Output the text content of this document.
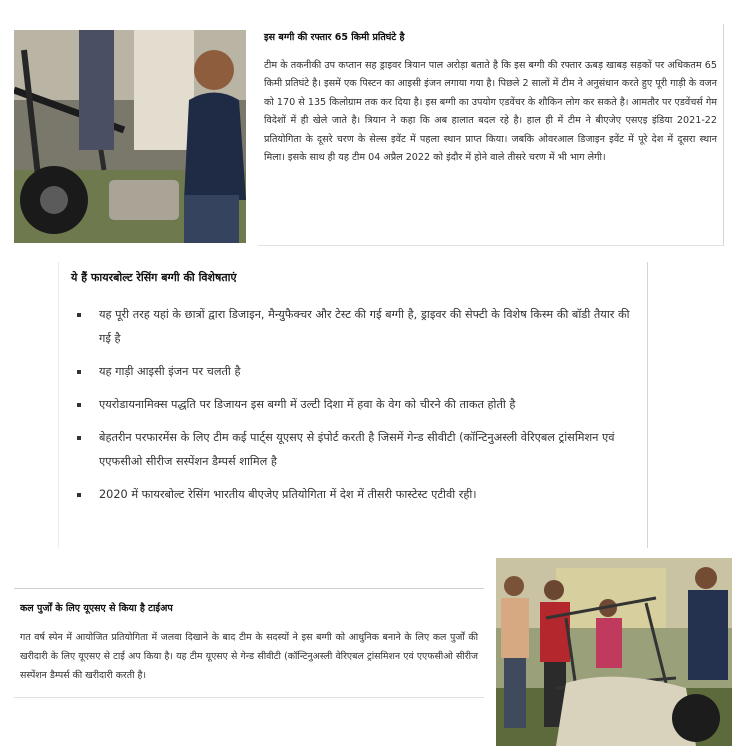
इस बग्गी की रफ्तार 65 किमी प्रतिघंटे है

टीम के तकनीकी उप कप्तान सह ड्राइवर त्रियान पाल अरोड़ा बताते है कि इस बग्गी की रफ्तार ऊबड़ खाबड़ सड़कों पर अधिकतम 65 किमी प्रतिघंटे है। इसमें एक पिस्टन का आइसी इंजन लगाया गया है। पिछले 2 सालों में टीम ने अनुसंधान करते हुए पूरी गाड़ी के वजन को 170 से 135 किलोग्राम तक कर दिया है। इस बग्गी का उपयोग एडवेंचर के शौकिन लोग कर सकते है। आमतौर पर एडवेंचर्स गेम विदेशों में ही खेले जाते है। त्रियान ने कहा कि अब हालात बदल रहे है। हाल ही में टीम ने बीएजेए एसएइ इंडिया 2021-22 प्रतियोगिता के दूसरे चरण के सेल्स इवेंट में पहला स्थान प्राप्त किया। जबकि ओवरआल डिजाइन इवेंट में पूरे देश में दूसरा स्थान मिला। इसके साथ ही यह टीम 04 अप्रैल 2022 को इंदौर में होने वाले तीसरे चरण में भी भाग लेगी।

ये हैं फायरबोल्ट रेसिंग बग्गी की विशेषताएं
यह पूरी तरह यहां के छात्रों द्वारा डिजाइन, मैन्युफैक्चर और टेस्ट की गई बग्गी है, ड्राइवर की सेफ्टी के विशेष किस्म की बॉडी तैयार की गई है
यह गाड़ी आइसी इंजन पर चलती है
एयरोडायनामिक्स पद्धति पर डिजायन इस बग्गी में उल्टी दिशा में हवा के वेग को चीरने की ताकत होती है
बेहतरीन परफारमेंस के लिए टीम कई पार्ट्स यूएसए से इंपोर्ट करती है जिसमें गेन्ड सीवीटी (कॉन्टिनुअस्ली वेरिएबल ट्रांसमिशन एवं एएफसीओ सीरीज सस्पेंशन डैम्पर्स शामिल है
2020 में फायरबोल्ट रेसिंग भारतीय बीएजेए प्रतियोगिता में देश में तीसरी फास्टेस्ट एटीवी रही।
कल पुर्जों के लिए यूएसए से किया है टाईअप

गत वर्ष स्पेन में आयोजित प्रतियोगिता में जलवा दिखाने के बाद टीम के सदस्यों ने इस बग्गी को आधुनिक बनाने के लिए कल पुर्जों की खरीदारी के लिए यूएसए से टाई अप किया है। यह टीम यूएसए से गेन्ड सीवीटी (कॉन्टिनुअस्ली वेरिएबल ट्रांसमिशन एवं एएफसीओ सीरीज सस्पेंशन डैम्पर्स की खरीदारी करती है।
